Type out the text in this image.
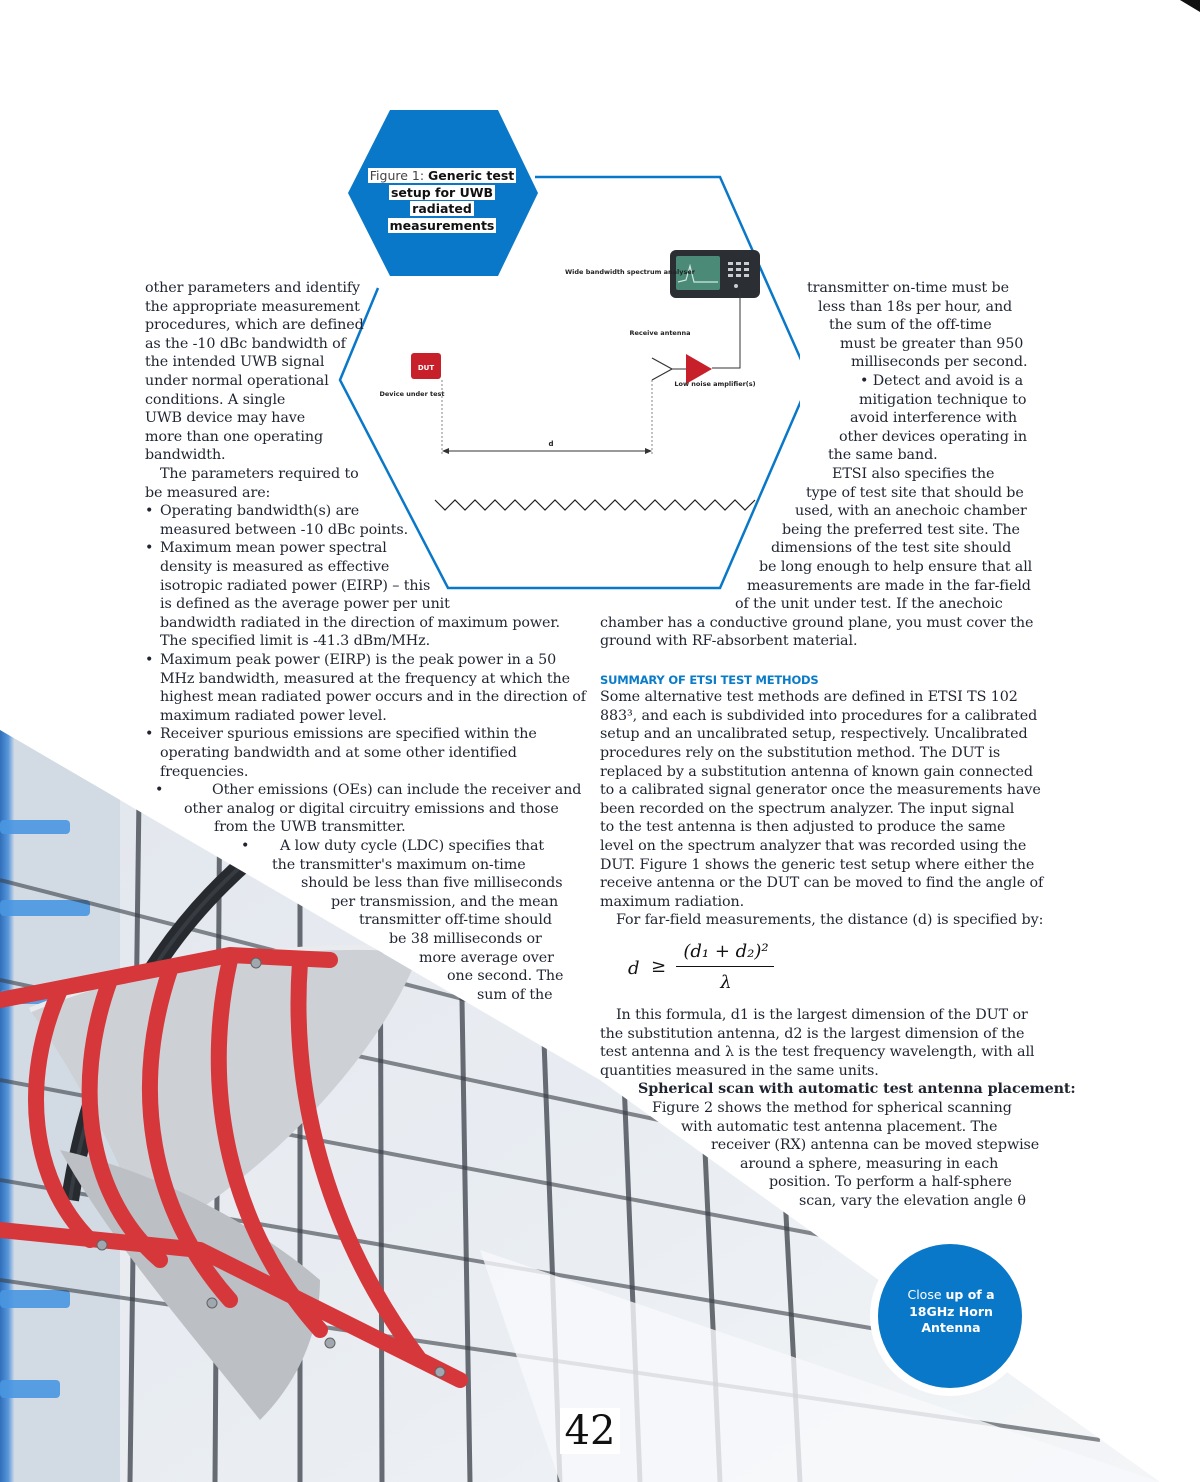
Wide bandwidth spectrum analyser
Receive antenna
Low noise amplifier(s)
DUT
Device under test
d
Figure 1: Generic test setup for UWB radiated measurements
other parameters and identify
the appropriate measurement
procedures, which are defined
as the -10 dBc bandwidth of
the intended UWB signal
under normal operational
conditions. A single
UWB device may have
more than one operating
bandwidth.
The parameters required to
be measured are:
• Operating bandwidth(s) are
measured between -10 dBc points.
• Maximum mean power spectral
density is measured as effective
isotropic radiated power (EIRP) – this
is defined as the average power per unit
bandwidth radiated in the direction of maximum power.
The specified limit is -41.3 dBm/MHz.
• Maximum peak power (EIRP) is the peak power in a 50
MHz bandwidth, measured at the frequency at which the
highest mean radiated power occurs and in the direction of
maximum radiated power level.
• Receiver spurious emissions are specified within the
operating bandwidth and at some other identified
frequencies.
•	Other emissions (OEs) can include the receiver and
other analog or digital circuitry emissions and those
from the UWB transmitter.
• A low duty cycle (LDC) specifies that
the transmitter's maximum on-time
should be less than five milliseconds
per transmission, and the mean
transmitter off-time should
be 38 milliseconds or
more average over
one second. The
sum of the
transmitter on-time must be
less than 18s per hour, and
the sum of the off-time
must be greater than 950
milliseconds per second.
• Detect and avoid is a
mitigation technique to
avoid interference with
other devices operating in
the same band.
ETSI also specifies the
type of test site that should be
used, with an anechoic chamber
being the preferred test site. The
dimensions of the test site should
be long enough to help ensure that all
measurements are made in the far-field
of the unit under test. If the anechoic
chamber has a conductive ground plane, you must cover the
ground with RF-absorbent material.
SUMMARY OF ETSI TEST METHODS
Some alternative test methods are defined in ETSI TS 102
883³, and each is subdivided into procedures for a calibrated
setup and an uncalibrated setup, respectively. Uncalibrated
procedures rely on the substitution method. The DUT is
replaced by a substitution antenna of known gain connected
to a calibrated signal generator once the measurements have
been recorded on the spectrum analyzer. The input signal
to the test antenna is then adjusted to produce the same
level on the spectrum analyzer that was recorded using the
DUT. Figure 1 shows the generic test setup where either the
receive antenna or the DUT can be moved to find the angle of
maximum radiation.
For far-field measurements, the distance (d) is specified by:
d ≥
(d₁ + d₂)²
λ
In this formula, d1 is the largest dimension of the DUT or
the substitution antenna, d2 is the largest dimension of the
test antenna and λ is the test frequency wavelength, with all
quantities measured in the same units.
Spherical scan with automatic test antenna placement:
Figure 2 shows the method for spherical scanning
with automatic test antenna placement. The
receiver (RX) antenna can be moved stepwise
around a sphere, measuring in each
position. To perform a half-sphere
scan, vary the elevation angle θ
Close up of a 18GHz Horn Antenna
42
